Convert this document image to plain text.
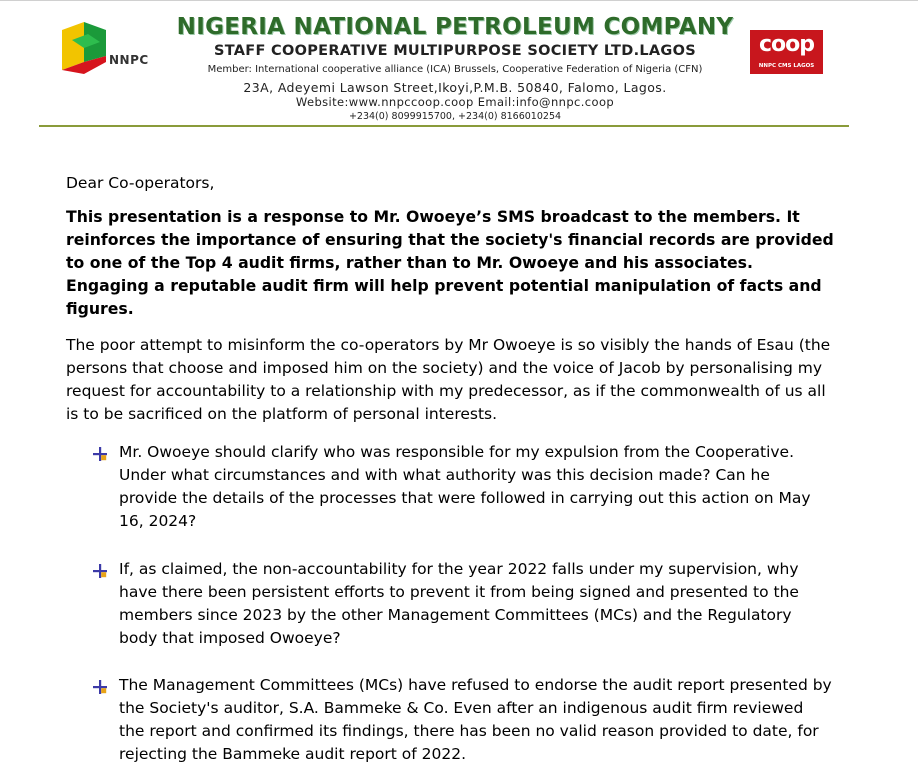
NNPC
NIGERIA NATIONAL PETROLEUM COMPANY
STAFF COOPERATIVE MULTIPURPOSE SOCIETY LTD.LAGOS
Member: International cooperative alliance (ICA) Brussels, Cooperative Federation of Nigeria (CFN)
23A, Adeyemi Lawson Street,Ikoyi,P.M.B. 50840, Falomo, Lagos.
Website:www.nnpccoop.coop Email:info@nnpc.coop
+234(0) 8099915700, +234(0) 8166010254
coop
NNPC CMS LAGOS
Dear Co-operators,
This presentation is a response to Mr. Owoeye’s SMS broadcast to the members. It reinforces the importance of ensuring that the society's financial records are provided to one of the Top 4 audit firms, rather than to Mr. Owoeye and his associates. Engaging a reputable audit firm will help prevent potential manipulation of facts and figures.
The poor attempt to misinform the co-operators by Mr Owoeye is so visibly the hands of Esau (the persons that choose and imposed him on the society) and the voice of Jacob by personalising my request for accountability to a relationship with my predecessor, as if the commonwealth of us all is to be sacrificed on the platform of personal interests.
Mr. Owoeye should clarify who was responsible for my expulsion from the Cooperative. Under what circumstances and with what authority was this decision made? Can he provide the details of the processes that were followed in carrying out this action on May 16, 2024?
If, as claimed, the non-accountability for the year 2022 falls under my supervision, why have there been persistent efforts to prevent it from being signed and presented to the members since 2023 by the other Management Committees (MCs) and the Regulatory body that imposed Owoeye?
The Management Committees (MCs) have refused to endorse the audit report presented by the Society's auditor, S.A. Bammeke & Co. Even after an indigenous audit firm reviewed the report and confirmed its findings, there has been no valid reason provided to date, for rejecting the Bammeke audit report of 2022.
